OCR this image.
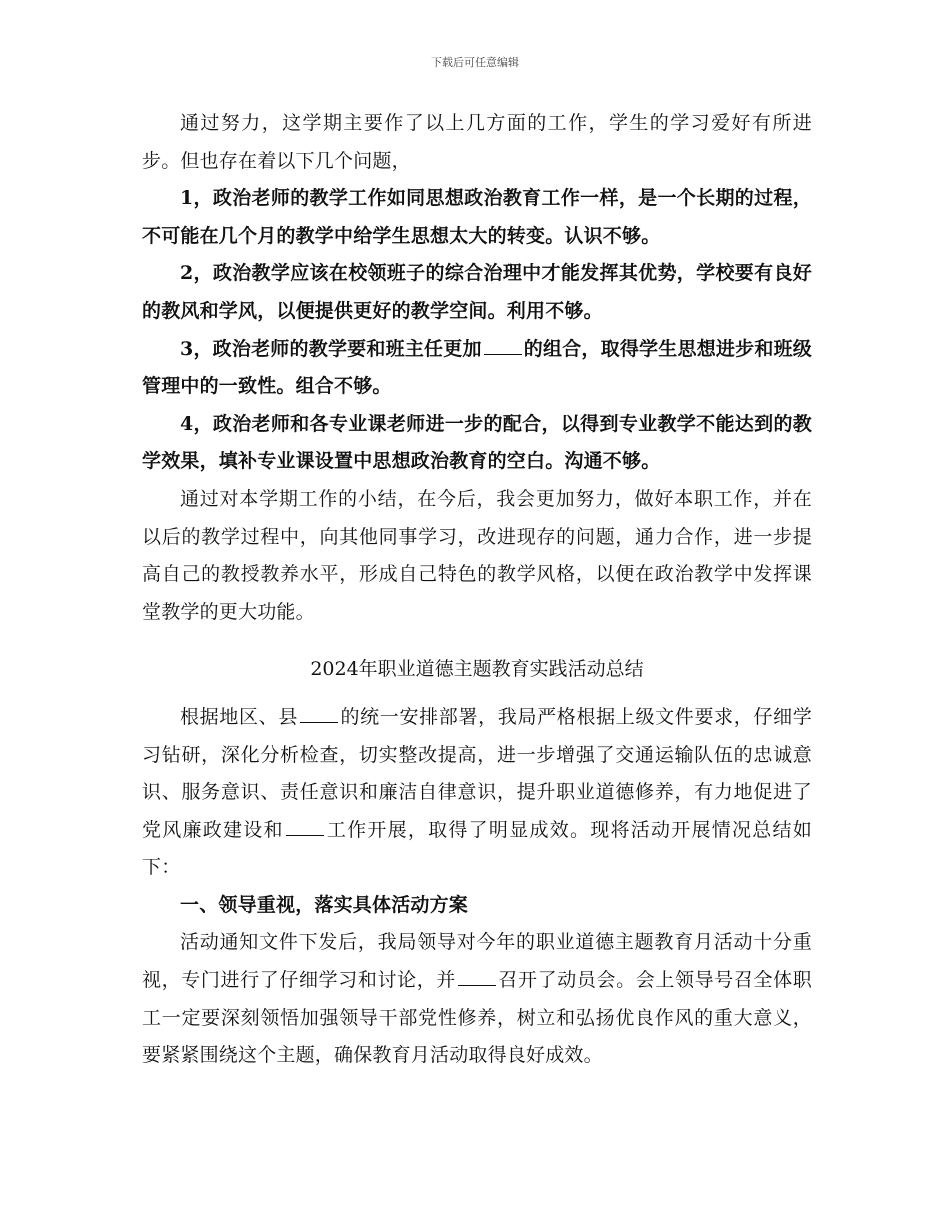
下载后可任意编辑

通过努力，这学期主要作了以上几方面的工作，学生的学习爱好有所进步。但也存在着以下几个问题，

1，政治老师的教学工作如同思想政治教育工作一样，是一个长期的过程，不可能在几个月的教学中给学生思想太大的转变。认识不够。

2，政治教学应该在校领班子的综合治理中才能发挥其优势，学校要有良好的教风和学风，以便提供更好的教学空间。利用不够。

3，政治老师的教学要和班主任更加 的组合，取得学生思想进步和班级管理中的一致性。组合不够。

4，政治老师和各专业课老师进一步的配合，以得到专业教学不能达到的教学效果，填补专业课设置中思想政治教育的空白。沟通不够。

通过对本学期工作的小结，在今后，我会更加努力，做好本职工作，并在以后的教学过程中，向其他同事学习，改进现存的问题，通力合作，进一步提高自己的教授教养水平，形成自己特色的教学风格，以便在政治教学中发挥课堂教学的更大功能。

2024年职业道德主题教育实践活动总结

根据地区、县 的统一安排部署，我局严格根据上级文件要求，仔细学习钻研，深化分析检查，切实整改提高，进一步增强了交通运输队伍的忠诚意识、服务意识、责任意识和廉洁自律意识，提升职业道德修养，有力地促进了党风廉政建设和 工作开展，取得了明显成效。现将活动开展情况总结如下：

一、领导重视，落实具体活动方案

活动通知文件下发后，我局领导对今年的职业道德主题教育月活动十分重视，专门进行了仔细学习和讨论，并 召开了动员会。会上领导号召全体职工一定要深刻领悟加强领导干部党性修养，树立和弘扬优良作风的重大意义，要紧紧围绕这个主题，确保教育月活动取得良好成效。
